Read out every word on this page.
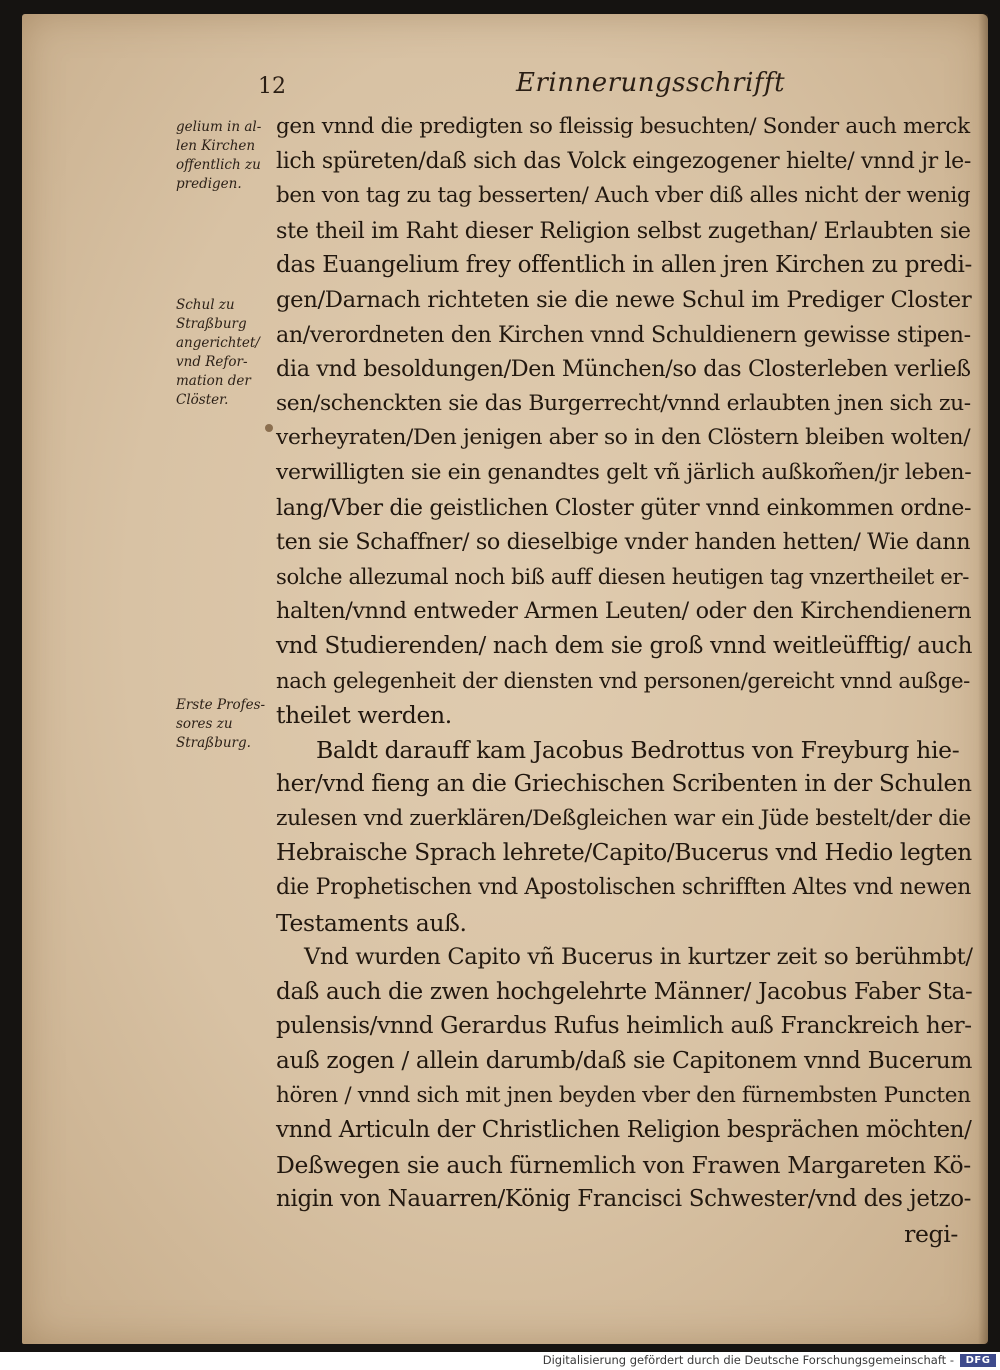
12	Erinnerungsschrifft
gelium in al-
len Kirchen
offentlich zu
predigen.
Schul zu
Straßburg
angerichtet/
vnd Refor-
mation der
Clöster.
Erste Profes-
sores zu
Straßburg.
gen vnnd die predigten so fleissig besuchten/ Sonder auch merck
lich spüreten/daß sich das Volck eingezogener hielte/ vnnd jr le-
ben von tag zu tag besserten/ Auch vber diß alles nicht der wenig
ste theil im Raht dieser Religion selbst zugethan/ Erlaubten sie
das Euangelium frey offentlich in allen jren Kirchen zu predi-
gen/Darnach richteten sie die newe Schul im Prediger Closter
an/verordneten den Kirchen vnnd Schuldienern gewisse stipen-
dia vnd besoldungen/Den München/so das Closterleben verließ
sen/schenckten sie das Burgerrecht/vnnd erlaubten jnen sich zu-
verheyraten/Den jenigen aber so in den Clöstern bleiben wolten/
verwilligten sie ein genandtes gelt vñ järlich außkom̃en/jr leben-
lang/Vber die geistlichen Closter güter vnnd einkommen ordne-
ten sie Schaffner/ so dieselbige vnder handen hetten/ Wie dann
solche allezumal noch biß auff diesen heutigen tag vnzertheilet er-
halten/vnnd entweder Armen Leuten/ oder den Kirchendienern
vnd Studierenden/ nach dem sie groß vnnd weitleüfftig/ auch
nach gelegenheit der diensten vnd personen/gereicht vnnd außge-
theilet werden.
Baldt darauff kam Jacobus Bedrottus von Freyburg hie-
her/vnd fieng an die Griechischen Scribenten in der Schulen
zulesen vnd zuerklären/Deßgleichen war ein Jüde bestelt/der die
Hebraische Sprach lehrete/Capito/Bucerus vnd Hedio legten
die Prophetischen vnd Apostolischen schrifften Altes vnd newen
Testaments auß.
Vnd wurden Capito vñ Bucerus in kurtzer zeit so berühmbt/
daß auch die zwen hochgelehrte Männer/ Jacobus Faber Sta-
pulensis/vnnd Gerardus Rufus heimlich auß Franckreich her-
auß zogen / allein darumb/daß sie Capitonem vnnd Bucerum
hören / vnnd sich mit jnen beyden vber den fürnembsten Puncten
vnnd Articuln der Christlichen Religion besprächen möchten/
Deßwegen sie auch fürnemlich von Frawen Margareten Kö-
nigin von Nauarren/König Francisci Schwester/vnd des jetzo-
regi-
Digitalisierung gefördert durch die Deutsche Forschungsgemeinschaft -	DFG
